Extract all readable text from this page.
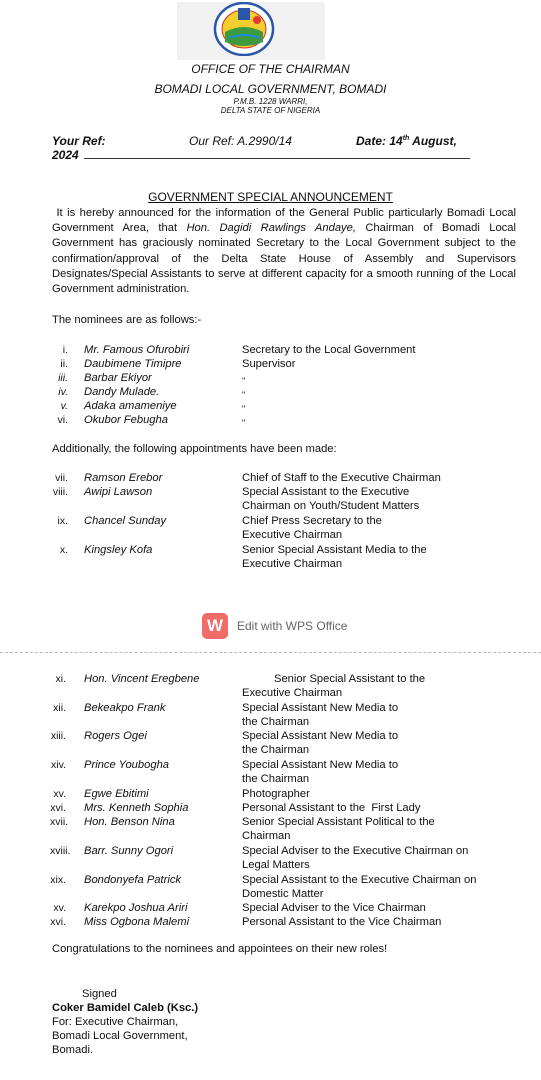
OFFICE OF THE CHAIRMAN
BOMADI LOCAL GOVERNMENT, BOMADI
P.M.B. 1228 WARRI,
DELTA STATE OF NIGERIA
Your Ref:
2024
Our Ref: A.2990/14	Date: 14th August,
GOVERNMENT SPECIAL ANNOUNCEMENT
It is hereby announced for the information of the General Public particularly Bomadi Local Government Area, that Hon. Dagidi Rawlings Andaye, Chairman of Bomadi Local Government has graciously nominated Secretary to the Local Government subject to the confirmation/approval of the Delta State House of Assembly and Supervisors Designates/Special Assistants to serve at different capacity for a smooth running of the Local Government administration.
The nominees are as follows:-
i. Mr. Famous Ofurobiri	Secretary to the Local Government
ii. Daubimene Timipre	Supervisor
iii. Barbar Ekiyor	"
iv. Dandy Mulade.	"
v. Adaka amameniye	"
vi. Okubor Febugha	"
Additionally, the following appointments have been made:
vii. Ramson Erebor	Chief of Staff to the Executive Chairman
viii. Awipi Lawson	Special Assistant to the Executive Chairman on Youth/Student Matters
ix. Chancel Sunday	Chief Press Secretary to the Executive Chairman
x. Kingsley Kofa	Senior Special Assistant Media to the Executive Chairman
W	Edit with WPS Office
xi. Hon. Vincent Eregbene	Senior Special Assistant to the Executive Chairman
xii. Bekeakpo Frank	Special Assistant New Media to the Chairman
xiii. Rogers Ogei	Special Assistant New Media to the Chairman
xiv. Prince Youbogha	Special Assistant New Media to the Chairman
xv. Egwe Ebitimi	Photographer
xvi. Mrs. Kenneth Sophia	Personal Assistant to the  First Lady
xvii. Hon. Benson Nina	Senior Special Assistant Political to the Chairman
xviii. Barr. Sunny Ogori	Special Adviser to the Executive Chairman on Legal Matters
xix. Bondonyefa Patrick	Special Assistant to the Executive Chairman on Domestic Matter
xv. Karekpo Joshua Ariri	Special Adviser to the Vice Chairman
xvi. Miss Ogbona Malemi	Personal Assistant to the Vice Chairman
Congratulations to the nominees and appointees on their new roles!
Signed
Coker Bamidel Caleb (Ksc.)
For: Executive Chairman,
Bomadi Local Government,
Bomadi.
